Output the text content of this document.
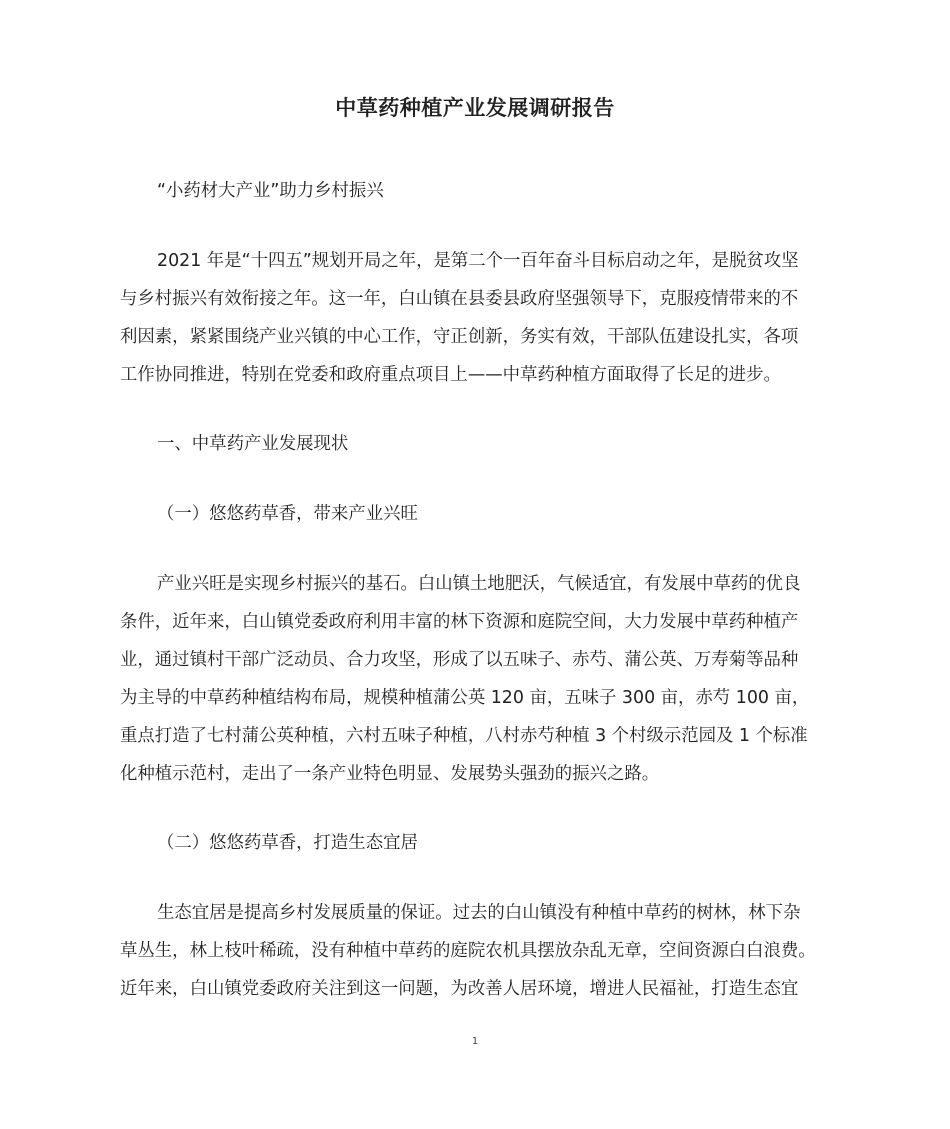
中草药种植产业发展调研报告
“小药材大产业”助力乡村振兴
2021 年是“十四五”规划开局之年，是第二个一百年奋斗目标启动之年，是脱贫攻坚
与乡村振兴有效衔接之年。这一年，白山镇在县委县政府坚强领导下，克服疫情带来的不
利因素，紧紧围绕产业兴镇的中心工作，守正创新，务实有效，干部队伍建设扎实，各项
工作协同推进，特别在党委和政府重点项目上——中草药种植方面取得了长足的进步。
一、中草药产业发展现状
（一）悠悠药草香，带来产业兴旺
产业兴旺是实现乡村振兴的基石。白山镇土地肥沃，气候适宜，有发展中草药的优良
条件，近年来，白山镇党委政府利用丰富的林下资源和庭院空间，大力发展中草药种植产
业，通过镇村干部广泛动员、合力攻坚，形成了以五味子、赤芍、蒲公英、万寿菊等品种
为主导的中草药种植结构布局，规模种植蒲公英 120 亩，五味子 300 亩，赤芍 100 亩，
重点打造了七村蒲公英种植，六村五味子种植，八村赤芍种植 3 个村级示范园及 1 个标准
化种植示范村，走出了一条产业特色明显、发展势头强劲的振兴之路。
（二）悠悠药草香，打造生态宜居
生态宜居是提高乡村发展质量的保证。过去的白山镇没有种植中草药的树林，林下杂
草丛生，林上枝叶稀疏，没有种植中草药的庭院农机具摆放杂乱无章，空间资源白白浪费。
近年来，白山镇党委政府关注到这一问题，为改善人居环境，增进人民福祉，打造生态宜
1
